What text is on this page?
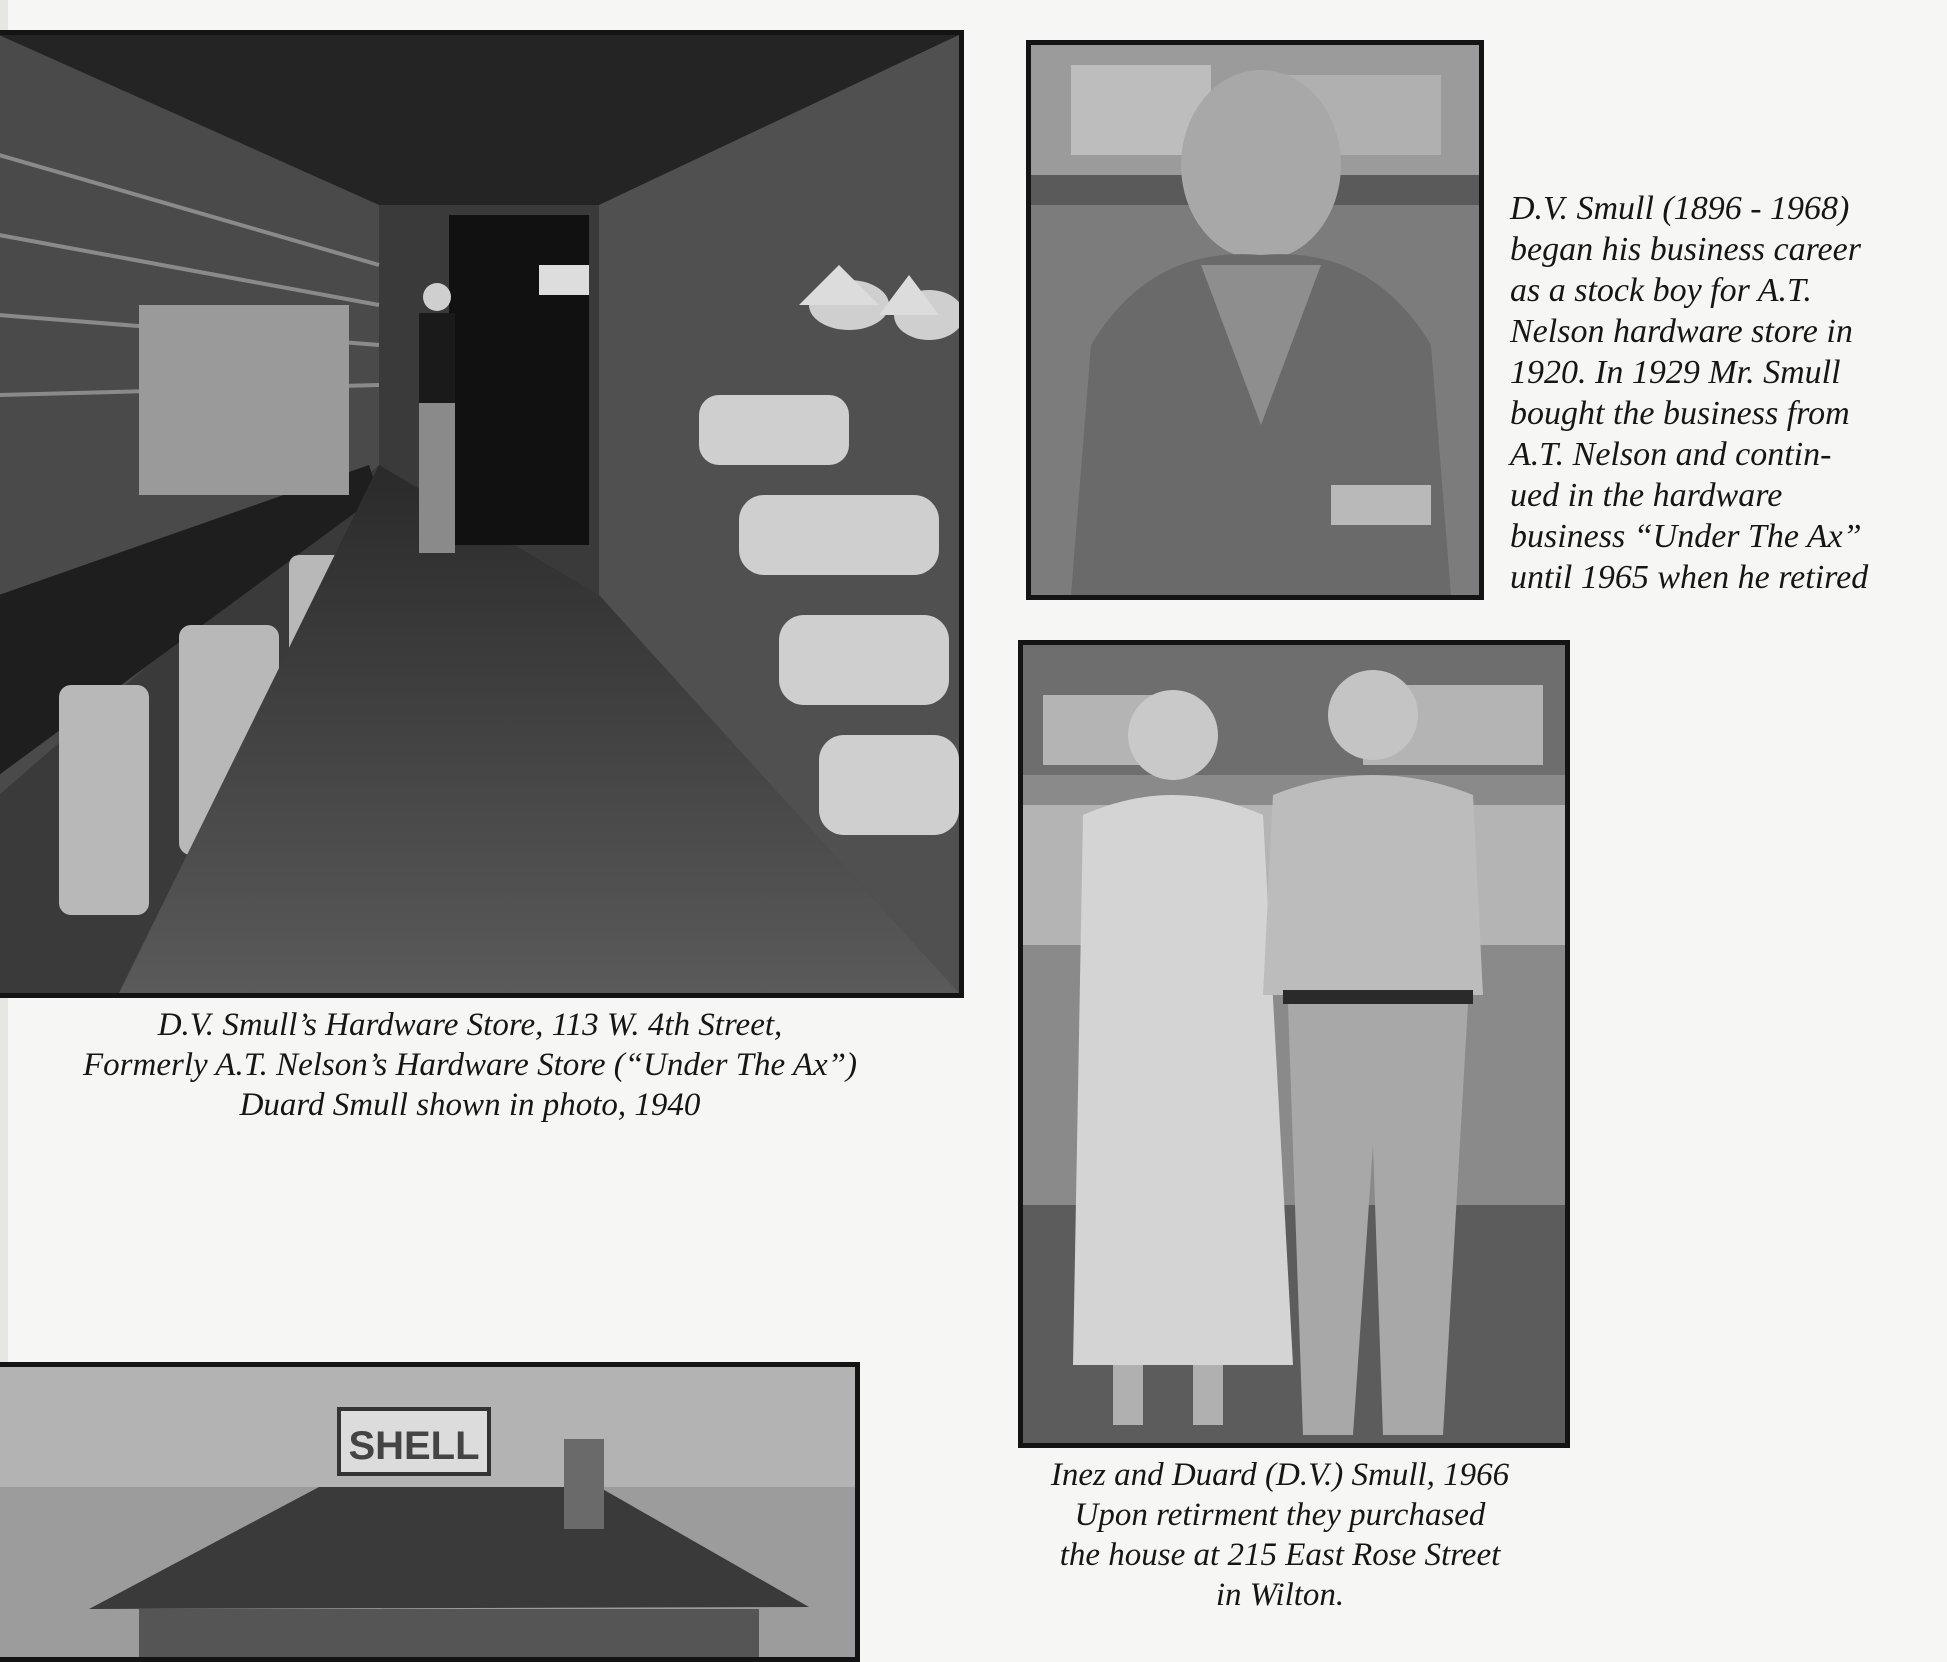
SHELL
D.V. Smull’s Hardware Store, 113 W. 4th Street,
Formerly A.T. Nelson’s Hardware Store (“Under The Ax”)
Duard Smull shown in photo, 1940
D.V. Smull (1896 - 1968)
began his business career
as a stock boy for A.T.
Nelson hardware store in
1920. In 1929 Mr. Smull
bought the business from
A.T. Nelson and contin-
ued in the hardware
business “Under The Ax”
until 1965 when he retired
Inez and Duard (D.V.) Smull, 1966
Upon retirment they purchased
the house at 215 East Rose Street
in Wilton.
